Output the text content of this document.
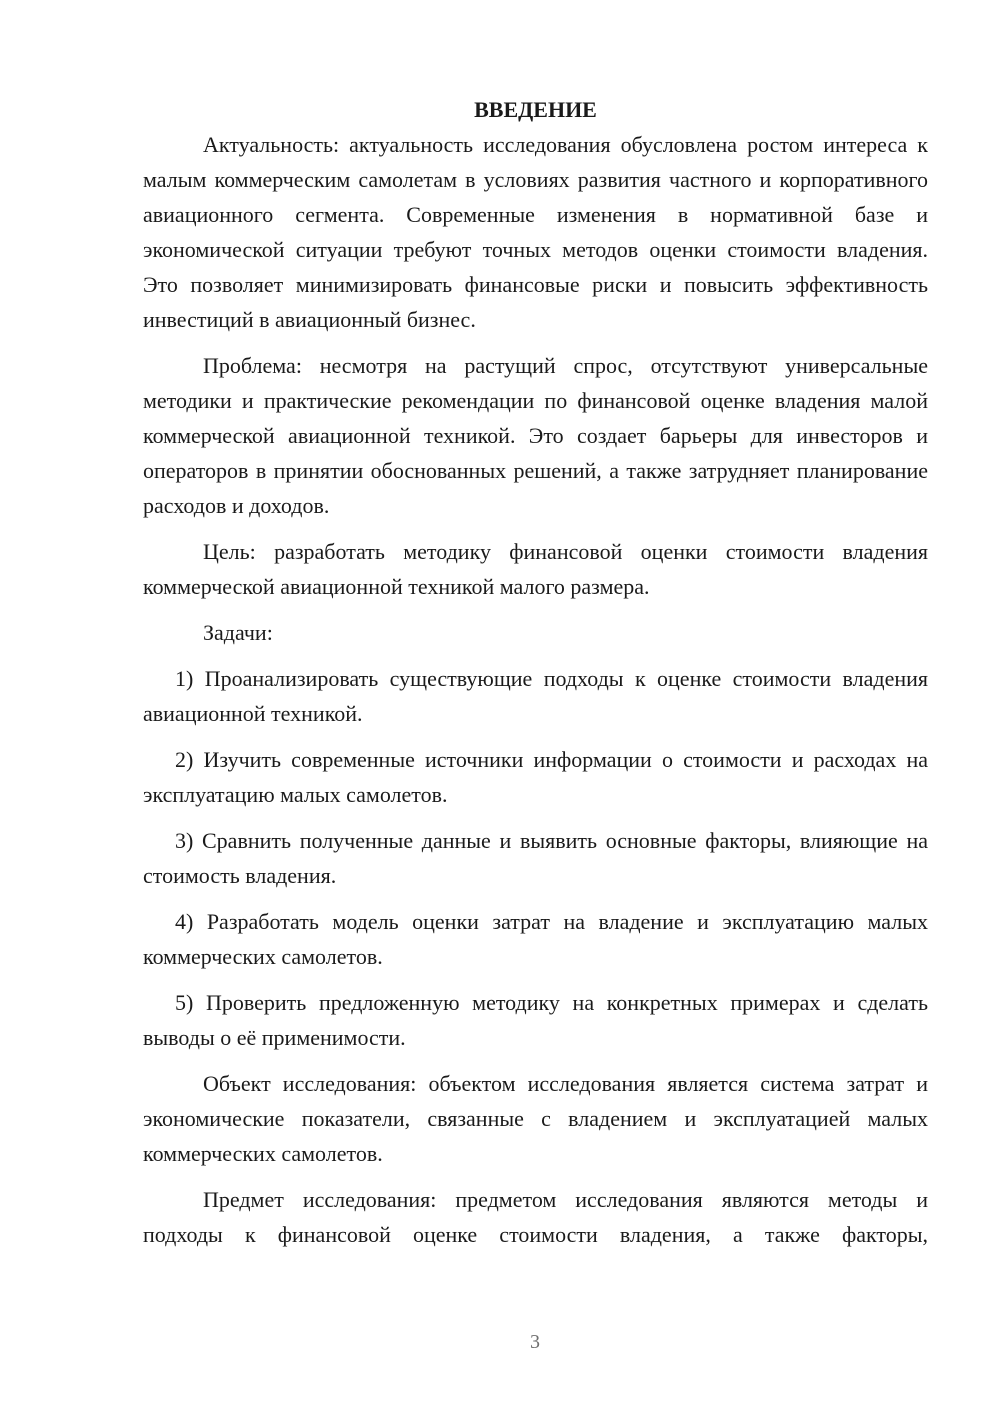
ВВЕДЕНИЕ

Актуальность: актуальность исследования обусловлена ростом интереса к малым коммерческим самолетам в условиях развития частного и корпоративного авиационного сегмента. Современные изменения в нормативной базе и экономической ситуации требуют точных методов оценки стоимости владения. Это позволяет минимизировать финансовые риски и повысить эффективность инвестиций в авиационный бизнес.

Проблема: несмотря на растущий спрос, отсутствуют универсальные методики и практические рекомендации по финансовой оценке владения малой коммерческой авиационной техникой. Это создает барьеры для инвесторов и операторов в принятии обоснованных решений, а также затрудняет планирование расходов и доходов.

Цель: разработать методику финансовой оценки стоимости владения коммерческой авиационной техникой малого размера.

Задачи:

1) Проанализировать существующие подходы к оценке стоимости владения авиационной техникой.

2) Изучить современные источники информации о стоимости и расходах на эксплуатацию малых самолетов.

3) Сравнить полученные данные и выявить основные факторы, влияющие на стоимость владения.

4) Разработать модель оценки затрат на владение и эксплуатацию малых коммерческих самолетов.

5) Проверить предложенную методику на конкретных примерах и сделать выводы о её применимости.

Объект исследования: объектом исследования является система затрат и экономические показатели, связанные с владением и эксплуатацией малых коммерческих самолетов.

Предмет исследования: предметом исследования являются методы и подходы к финансовой оценке стоимости владения, а также факторы,

3
